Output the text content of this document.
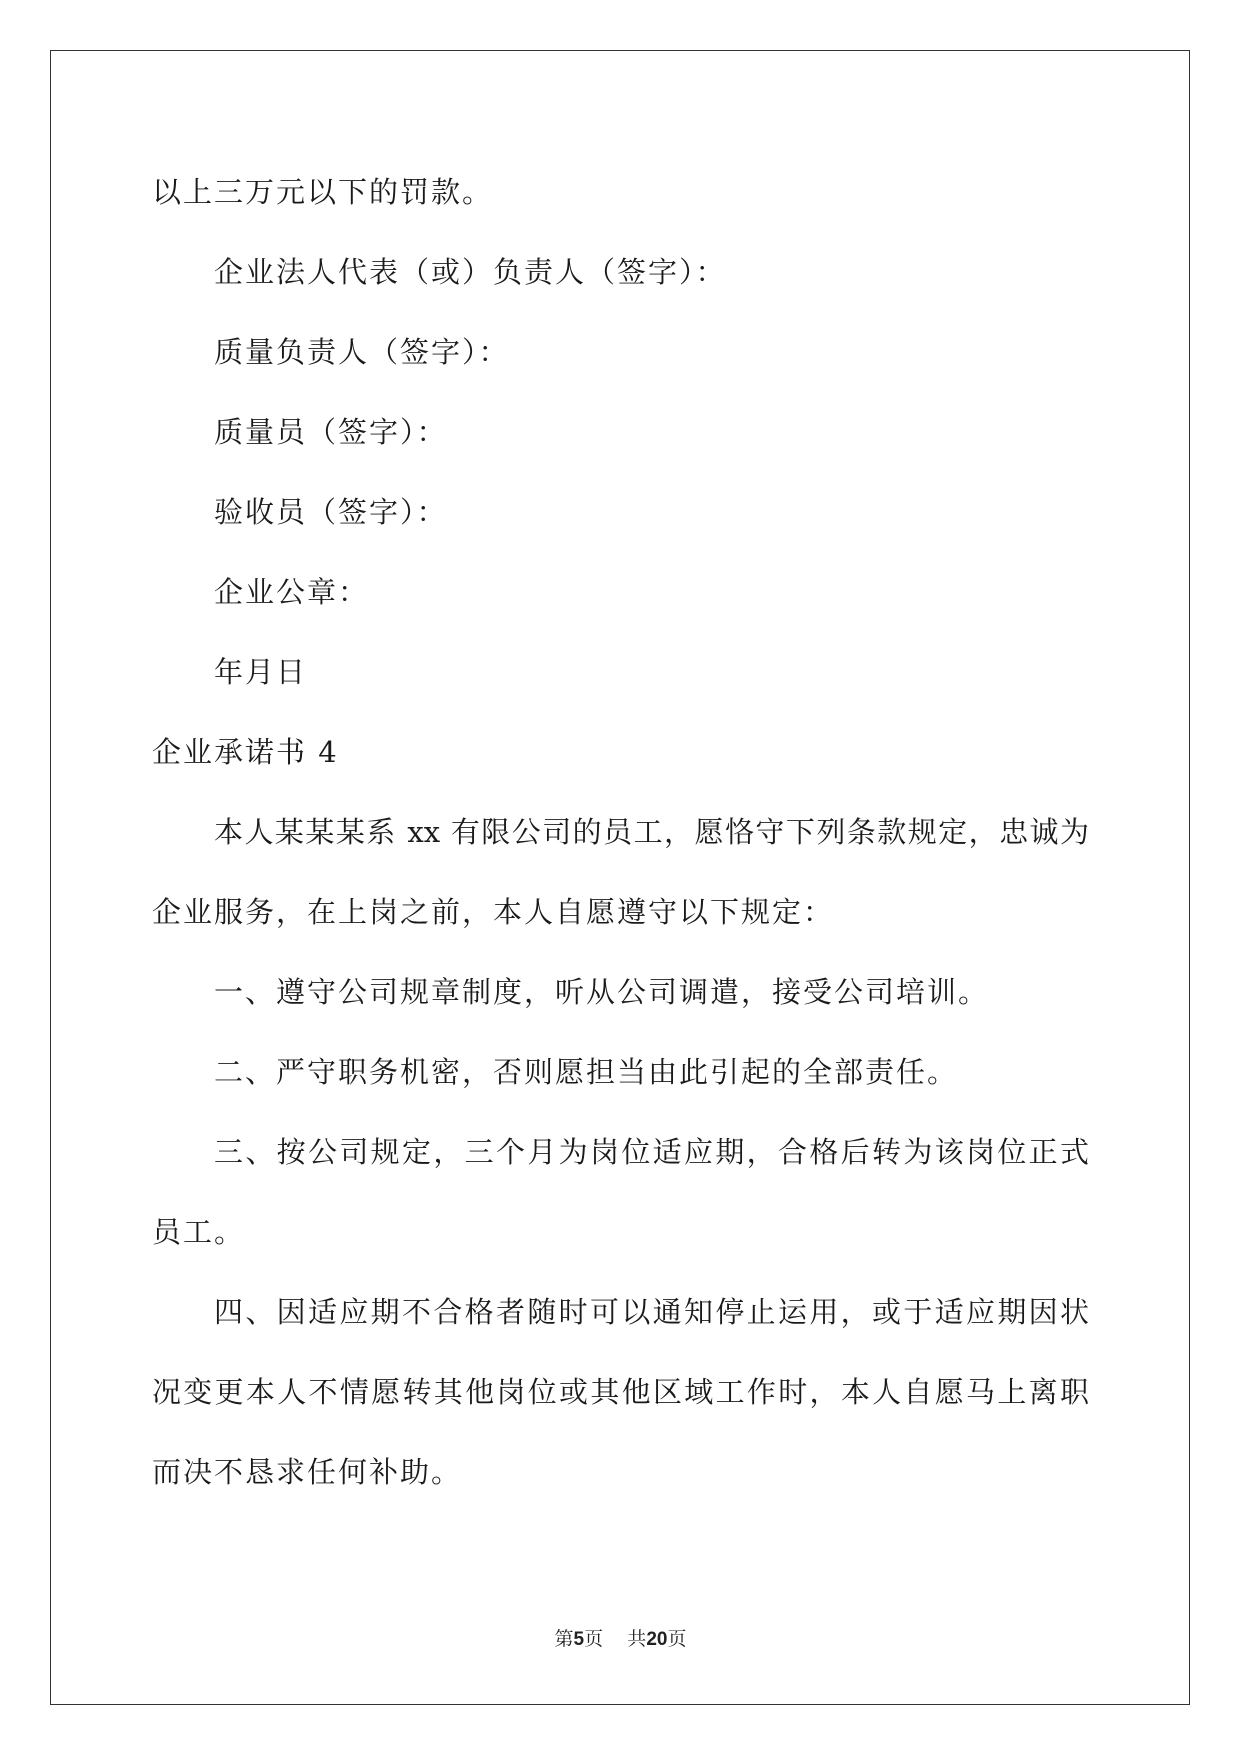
以上三万元以下的罚款。
企业法人代表（或）负责人（签字）：
质量负责人（签字）：
质量员（签字）：
验收员（签字）：
企业公章：
年月日
企业承诺书 4
本人某某某系 xx 有限公司的员工，愿恪守下列条款规定，忠诚为
企业服务，在上岗之前，本人自愿遵守以下规定：
一、遵守公司规章制度，听从公司调遣，接受公司培训。
二、严守职务机密，否则愿担当由此引起的全部责任。
三、按公司规定，三个月为岗位适应期，合格后转为该岗位正式
员工。
四、因适应期不合格者随时可以通知停止运用，或于适应期因状
况变更本人不情愿转其他岗位或其他区域工作时，本人自愿马上离职
而决不恳求任何补助。
第5页 共20页
